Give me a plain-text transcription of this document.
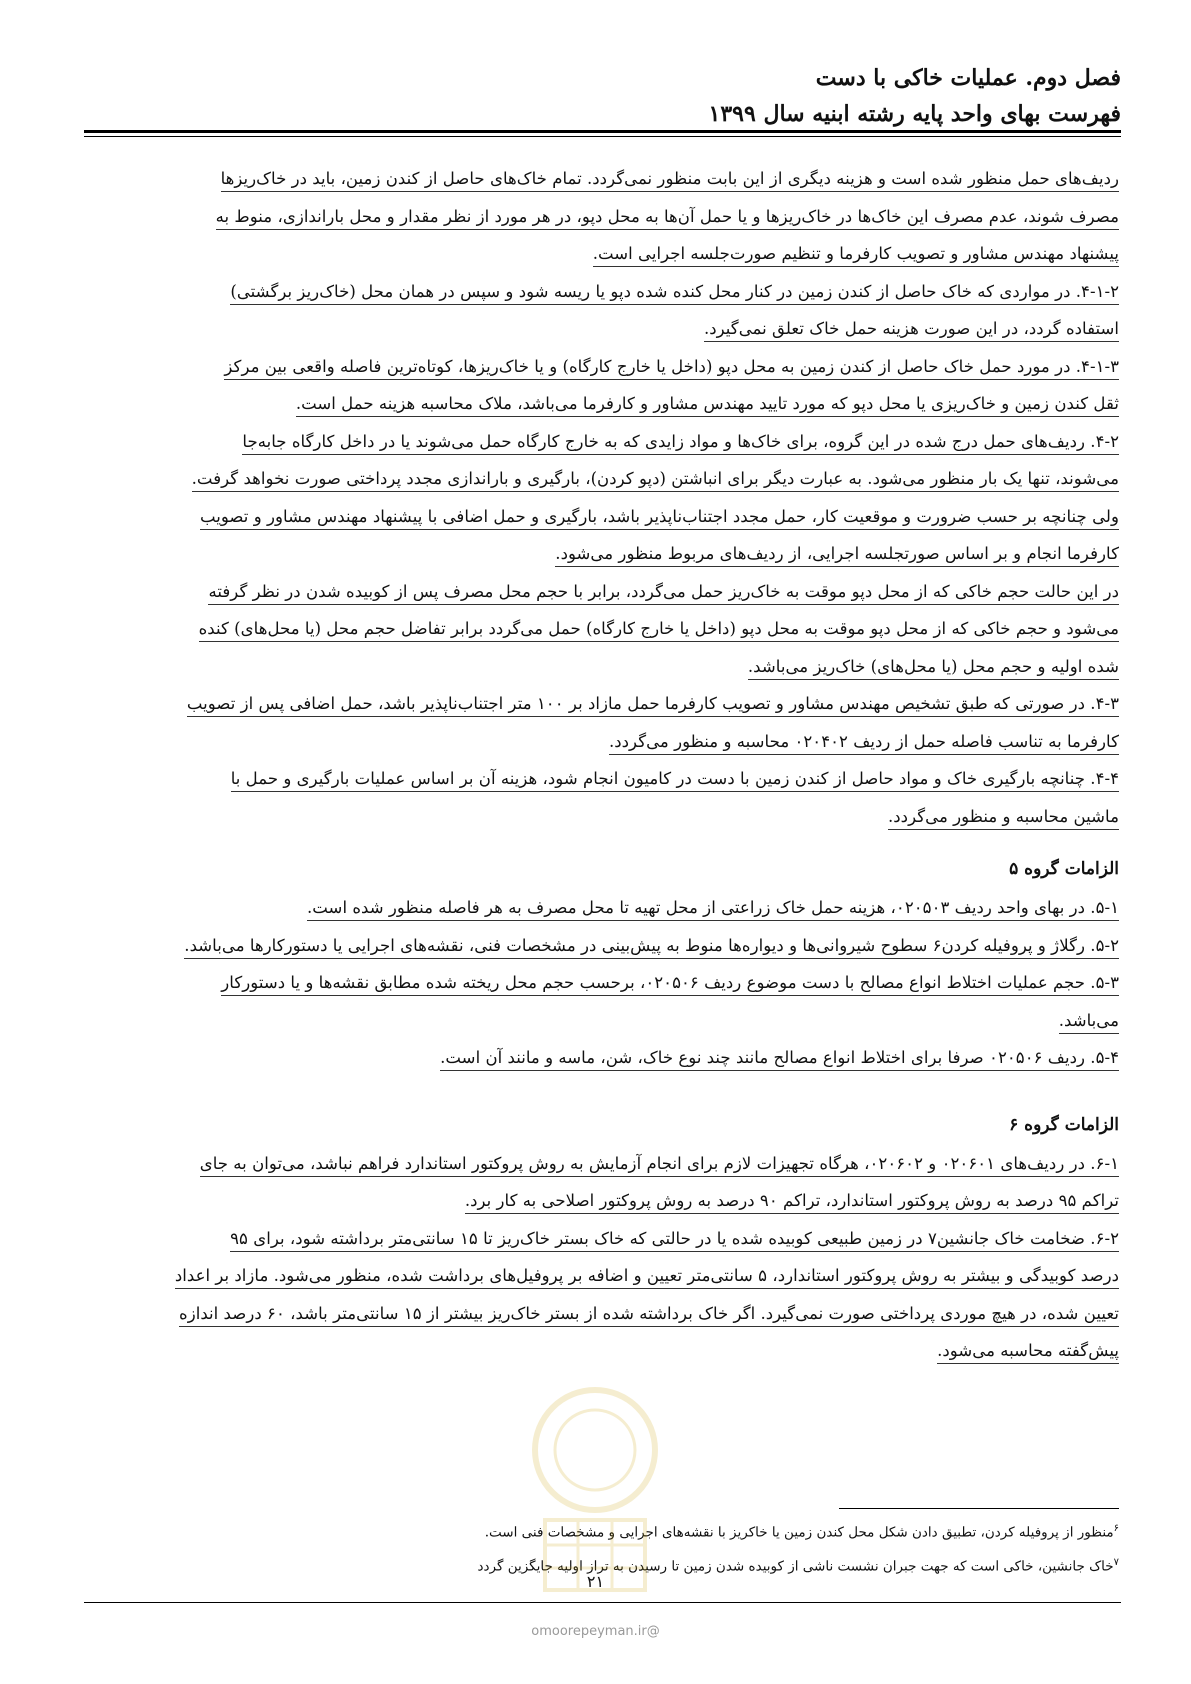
فصل دوم. عملیات خاکی با دست
فهرست بهای واحد پایه رشته ابنیه سال ۱۳۹۹
ردیف‌های حمل منظور شده است و هزینه دیگری از این بابت منظور نمی‌گردد. تمام خاک‌های حاصل از کندن زمین، باید در خاک‌ریزها
مصرف شوند، عدم مصرف این خاک‌ها در خاک‌ریزها و یا حمل آن‌ها به محل دپو، در هر مورد از نظر مقدار و محل باراندازی، منوط به
پیشنهاد مهندس مشاور و تصویب کارفرما و تنظیم صورت‌جلسه اجرایی است.
۴-۱-۲. در مواردی که خاک حاصل از کندن زمین در کنار محل کنده شده دپو یا ریسه شود و سپس در همان محل (خاک‌ریز برگشتی)
استفاده گردد، در این صورت هزینه حمل خاک تعلق نمی‌گیرد.
۴-۱-۳. در مورد حمل خاک حاصل از کندن زمین به محل دپو (داخل یا خارج کارگاه) و یا خاک‌ریزها، کوتاه‌ترین فاصله واقعی بین مرکز
ثقل کندن زمین و خاک‌ریزی یا محل دپو که مورد تایید مهندس مشاور و کارفرما می‌باشد، ملاک محاسبه هزینه حمل است.
۴-۲. ردیف‌های حمل درج شده در این گروه، برای خاک‌ها و مواد زایدی که به خارج کارگاه حمل می‌شوند یا در داخل کارگاه جابه‌جا
می‌شوند، تنها یک بار منظور می‌شود. به عبارت دیگر برای انباشتن (دپو کردن)، بارگیری و باراندازی مجدد پرداختی صورت نخواهد گرفت.
ولی چنانچه بر حسب ضرورت و موقعیت کار، حمل مجدد اجتناب‌ناپذیر باشد، بارگیری و حمل اضافی با پیشنهاد مهندس مشاور و تصویب
کارفرما انجام و بر اساس صورتجلسه اجرایی، از ردیف‌های مربوط منظور می‌شود.
در این حالت حجم خاکی که از محل دپو موقت به خاک‌ریز حمل می‌گردد، برابر با حجم محل مصرف پس از کوبیده شدن در نظر گرفته
می‌شود و حجم خاکی که از محل دپو موقت به محل دپو (داخل یا خارج کارگاه) حمل می‌گردد برابر تفاضل حجم محل (یا محل‌های) کنده
شده اولیه و حجم محل (یا محل‌های) خاک‌ریز می‌باشد.
۴-۳. در صورتی که طبق تشخیص مهندس مشاور و تصویب کارفرما حمل مازاد بر ۱۰۰ متر اجتناب‌ناپذیر باشد، حمل اضافی پس از تصویب
کارفرما به تناسب فاصله حمل از ردیف ۰۲۰۴۰۲ محاسبه و منظور می‌گردد.
۴-۴. چنانچه بارگیری خاک و مواد حاصل از کندن زمین با دست در کامیون انجام شود، هزینه آن بر اساس عملیات بارگیری و حمل با
ماشین محاسبه و منظور می‌گردد.
الزامات گروه ۵
۵-۱. در بهای واحد ردیف ۰۲۰۵۰۳، هزینه حمل خاک زراعتی از محل تهیه تا محل مصرف به هر فاصله منظور شده است.
۵-۲. رگلاژ و پروفیله کردن۶ سطوح شیروانی‌ها و دیواره‌ها منوط به پیش‌بینی در مشخصات فنی، نقشه‌های اجرایی یا دستورکارها می‌باشد.
۵-۳. حجم عملیات اختلاط انواع مصالح با دست موضوع ردیف ۰۲۰۵۰۶، برحسب حجم محل ریخته شده مطابق نقشه‌ها و یا دستورکار
می‌باشد.
۵-۴. ردیف ۰۲۰۵۰۶ صرفا برای اختلاط انواع مصالح مانند چند نوع خاک، شن، ماسه و مانند آن است.
الزامات گروه ۶
۶-۱. در ردیف‌های ۰۲۰۶۰۱ و ۰۲۰۶۰۲، هرگاه تجهیزات لازم برای انجام آزمایش به روش پروکتور استاندارد فراهم نباشد، می‌توان به جای
تراکم ۹۵ درصد به روش پروکتور استاندارد، تراکم ۹۰ درصد به روش پروکتور اصلاحی به کار برد.
۶-۲. ضخامت خاک جانشین۷ در زمین طبیعی کوبیده شده یا در حالتی که خاک بستر خاک‌ریز تا ۱۵ سانتی‌متر برداشته شود، برای ۹۵
درصد کوبیدگی و بیشتر به روش پروکتور استاندارد، ۵ سانتی‌متر تعیین و اضافه بر پروفیل‌های برداشت شده، منظور می‌شود. مازاد بر اعداد
تعیین شده، در هیچ موردی پرداختی صورت نمی‌گیرد. اگر خاک برداشته شده از بستر خاک‌ریز بیشتر از ۱۵ سانتی‌متر باشد، ۶۰ درصد اندازه
پیش‌گفته محاسبه می‌شود.
$^۶$منظور از پروفیله کردن، تطبیق دادن شکل محل کندن زمین یا خاکریز با نقشه‌های اجرایی و مشخصات فنی است.
$^۷$خاک جانشین، خاکی است که جهت جبران نشست ناشی از کوبیده شدن زمین تا رسیدن به تراز اولیه جایگزین گردد
۲۱
@omoorepeyman.ir
